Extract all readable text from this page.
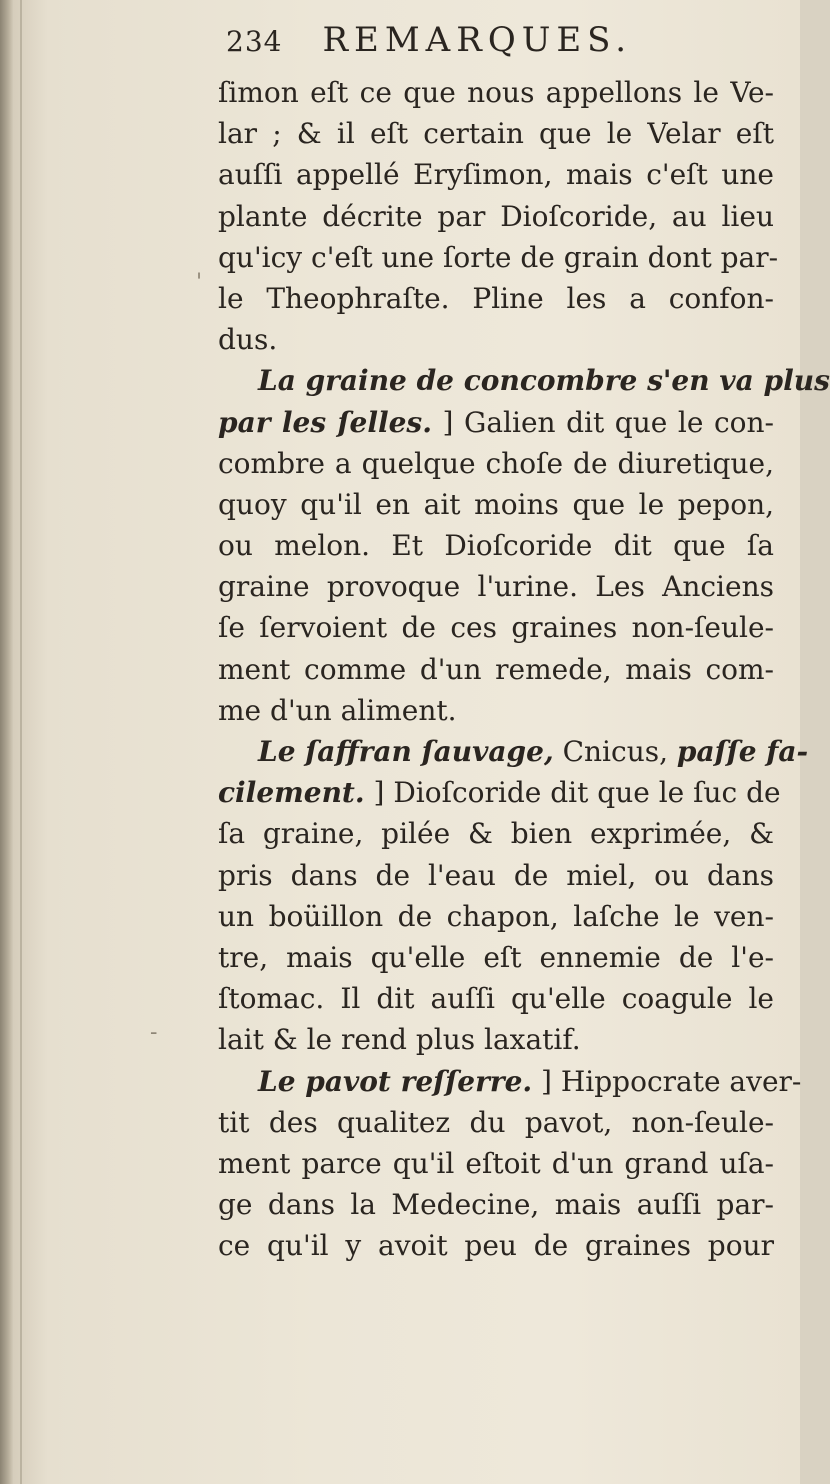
234 REMARQUES.
ſimon eſt ce que nous appellons le Ve-
lar ; & il eſt certain que le Velar eſt
auſſi appellé Eryſimon, mais c'eſt une
plante décrite par Dioſcoride, au lieu
qu'icy c'eſt une ſorte de grain dont par-
le Theophraſte. Pline les a confon-
dus.
La graine de concombre s'en va plus
par les ſelles. ] Galien dit que le con-
combre a quelque choſe de diuretique,
quoy qu'il en ait moins que le pepon,
ou melon. Et Dioſcoride dit que ſa
graine provoque l'urine. Les Anciens
ſe ſervoient de ces graines non-ſeule-
ment comme d'un remede, mais com-
me d'un aliment.
Le ſaffran ſauvage, Cnicus, paſſe fa-
cilement. ] Dioſcoride dit que le ſuc de
ſa graine, pilée & bien exprimée, &
pris dans de l'eau de miel, ou dans
un boüillon de chapon, laſche le ven-
tre, mais qu'elle eſt ennemie de l'e-
ſtomac. Il dit auſſi qu'elle coagule le
lait & le rend plus laxatif.
Le pavot reſſerre. ] Hippocrate aver-
tit des qualitez du pavot, non-ſeule-
ment parce qu'il eſtoit d'un grand uſa-
ge dans la Medecine, mais auſſi par-
ce qu'il y avoit peu de graines pour
'
-
